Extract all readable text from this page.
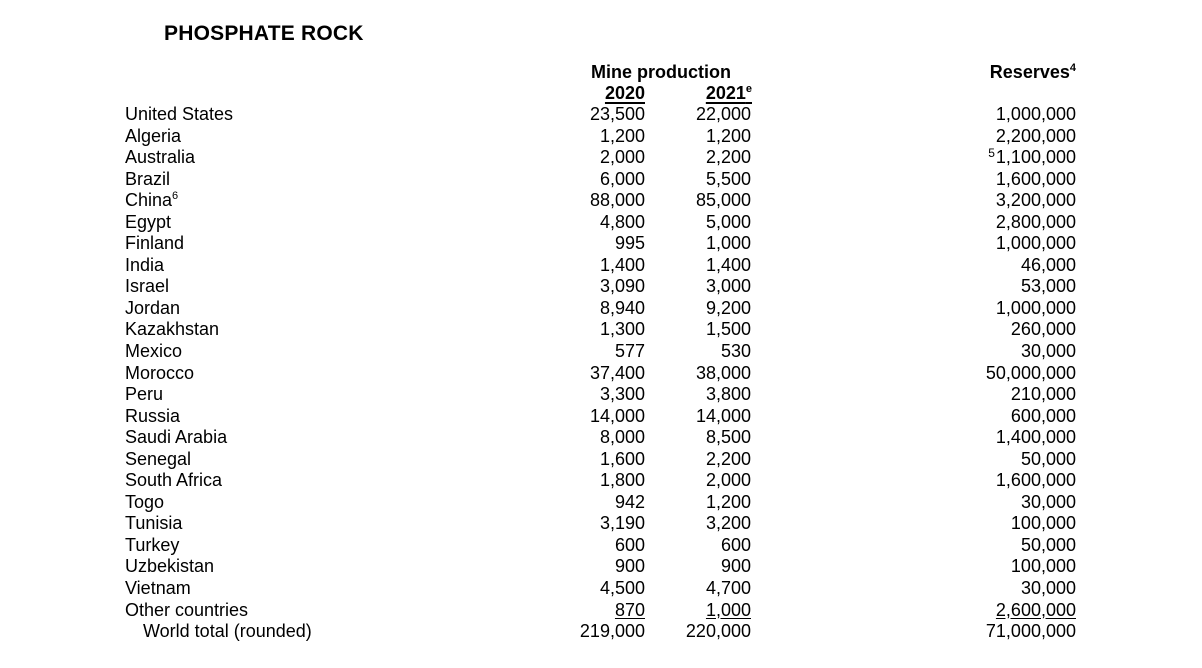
PHOSPHATE ROCK
Mine production	Reserves$^4$
2020	2021e
United States	23,500	22,000	1,000,000
Algeria	1,200	1,200	2,200,000
Australia	2,000	2,200	$^5$1,100,000
Brazil	6,000	5,500	1,600,000
China$^6$	88,000	85,000	3,200,000
Egypt	4,800	5,000	2,800,000
Finland	995	1,000	1,000,000
India	1,400	1,400	46,000
Israel	3,090	3,000	53,000
Jordan	8,940	9,200	1,000,000
Kazakhstan	1,300	1,500	260,000
Mexico	577	530	30,000
Morocco	37,400	38,000	50,000,000
Peru	3,300	3,800	210,000
Russia	14,000	14,000	600,000
Saudi Arabia	8,000	8,500	1,400,000
Senegal	1,600	2,200	50,000
South Africa	1,800	2,000	1,600,000
Togo	942	1,200	30,000
Tunisia	3,190	3,200	100,000
Turkey	600	600	50,000
Uzbekistan	900	900	100,000
Vietnam	4,500	4,700	30,000
Other countries	870	1,000	2,600,000
World total (rounded)	219,000 220,000	71,000,000
